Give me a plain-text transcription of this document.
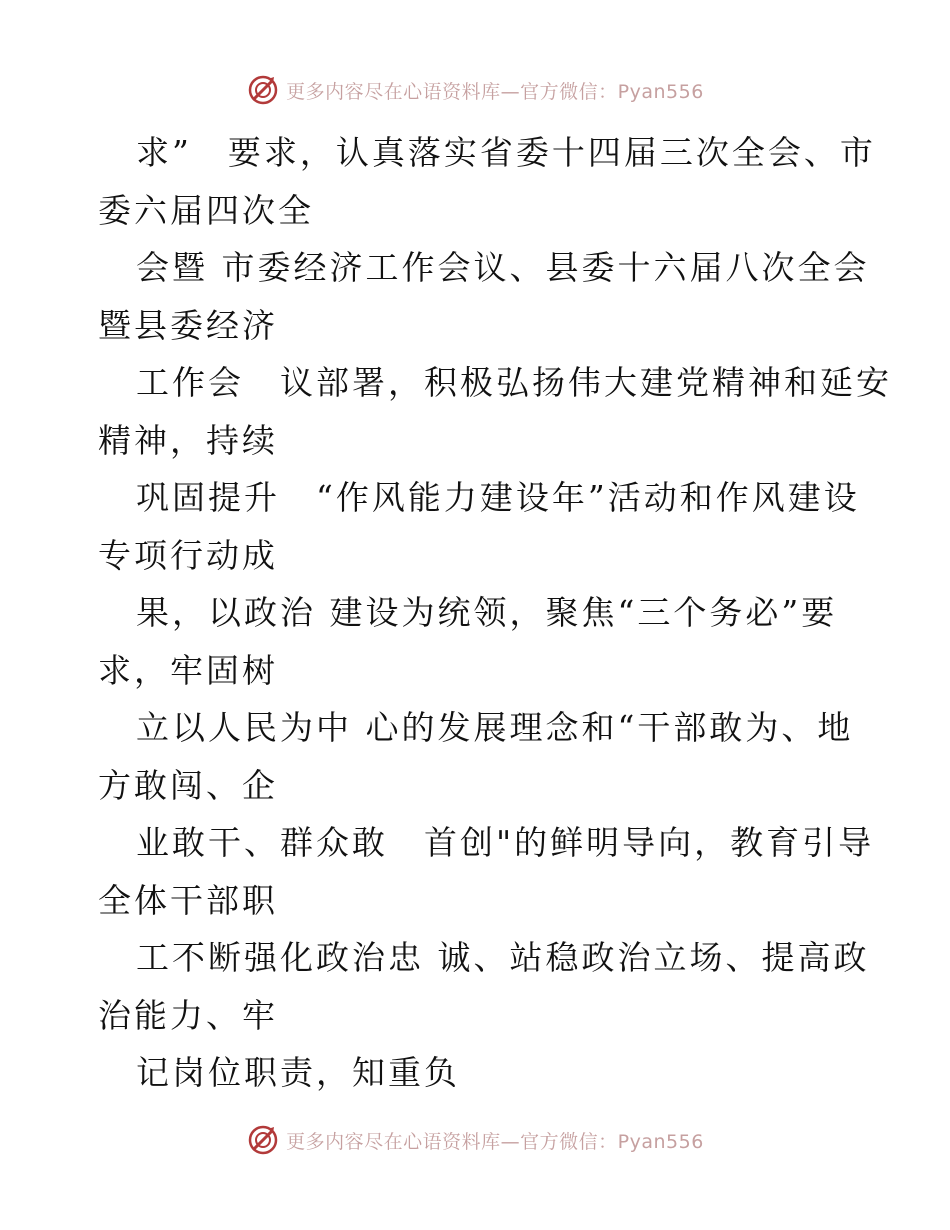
更多内容尽在心语资料库—官方微信：Pyan556
求”　要求，认真落实省委十四届三次全会、市
委六届四次全
会暨 市委经济工作会议、县委十六届八次全会
暨县委经济
工作会　议部署，积极弘扬伟大建党精神和延安
精神，持续
巩固提升　“作风能力建设年”活动和作风建设
专项行动成
果，以政治 建设为统领，聚焦“三个务必”要
求，牢固树
立以人民为中 心的发展理念和“干部敢为、地
方敢闯、企
业敢干、群众敢　首创"的鲜明导向，教育引导
全体干部职
工不断强化政治忠 诚、站稳政治立场、提高政
治能力、牢
记岗位职责，知重负
更多内容尽在心语资料库—官方微信：Pyan556
